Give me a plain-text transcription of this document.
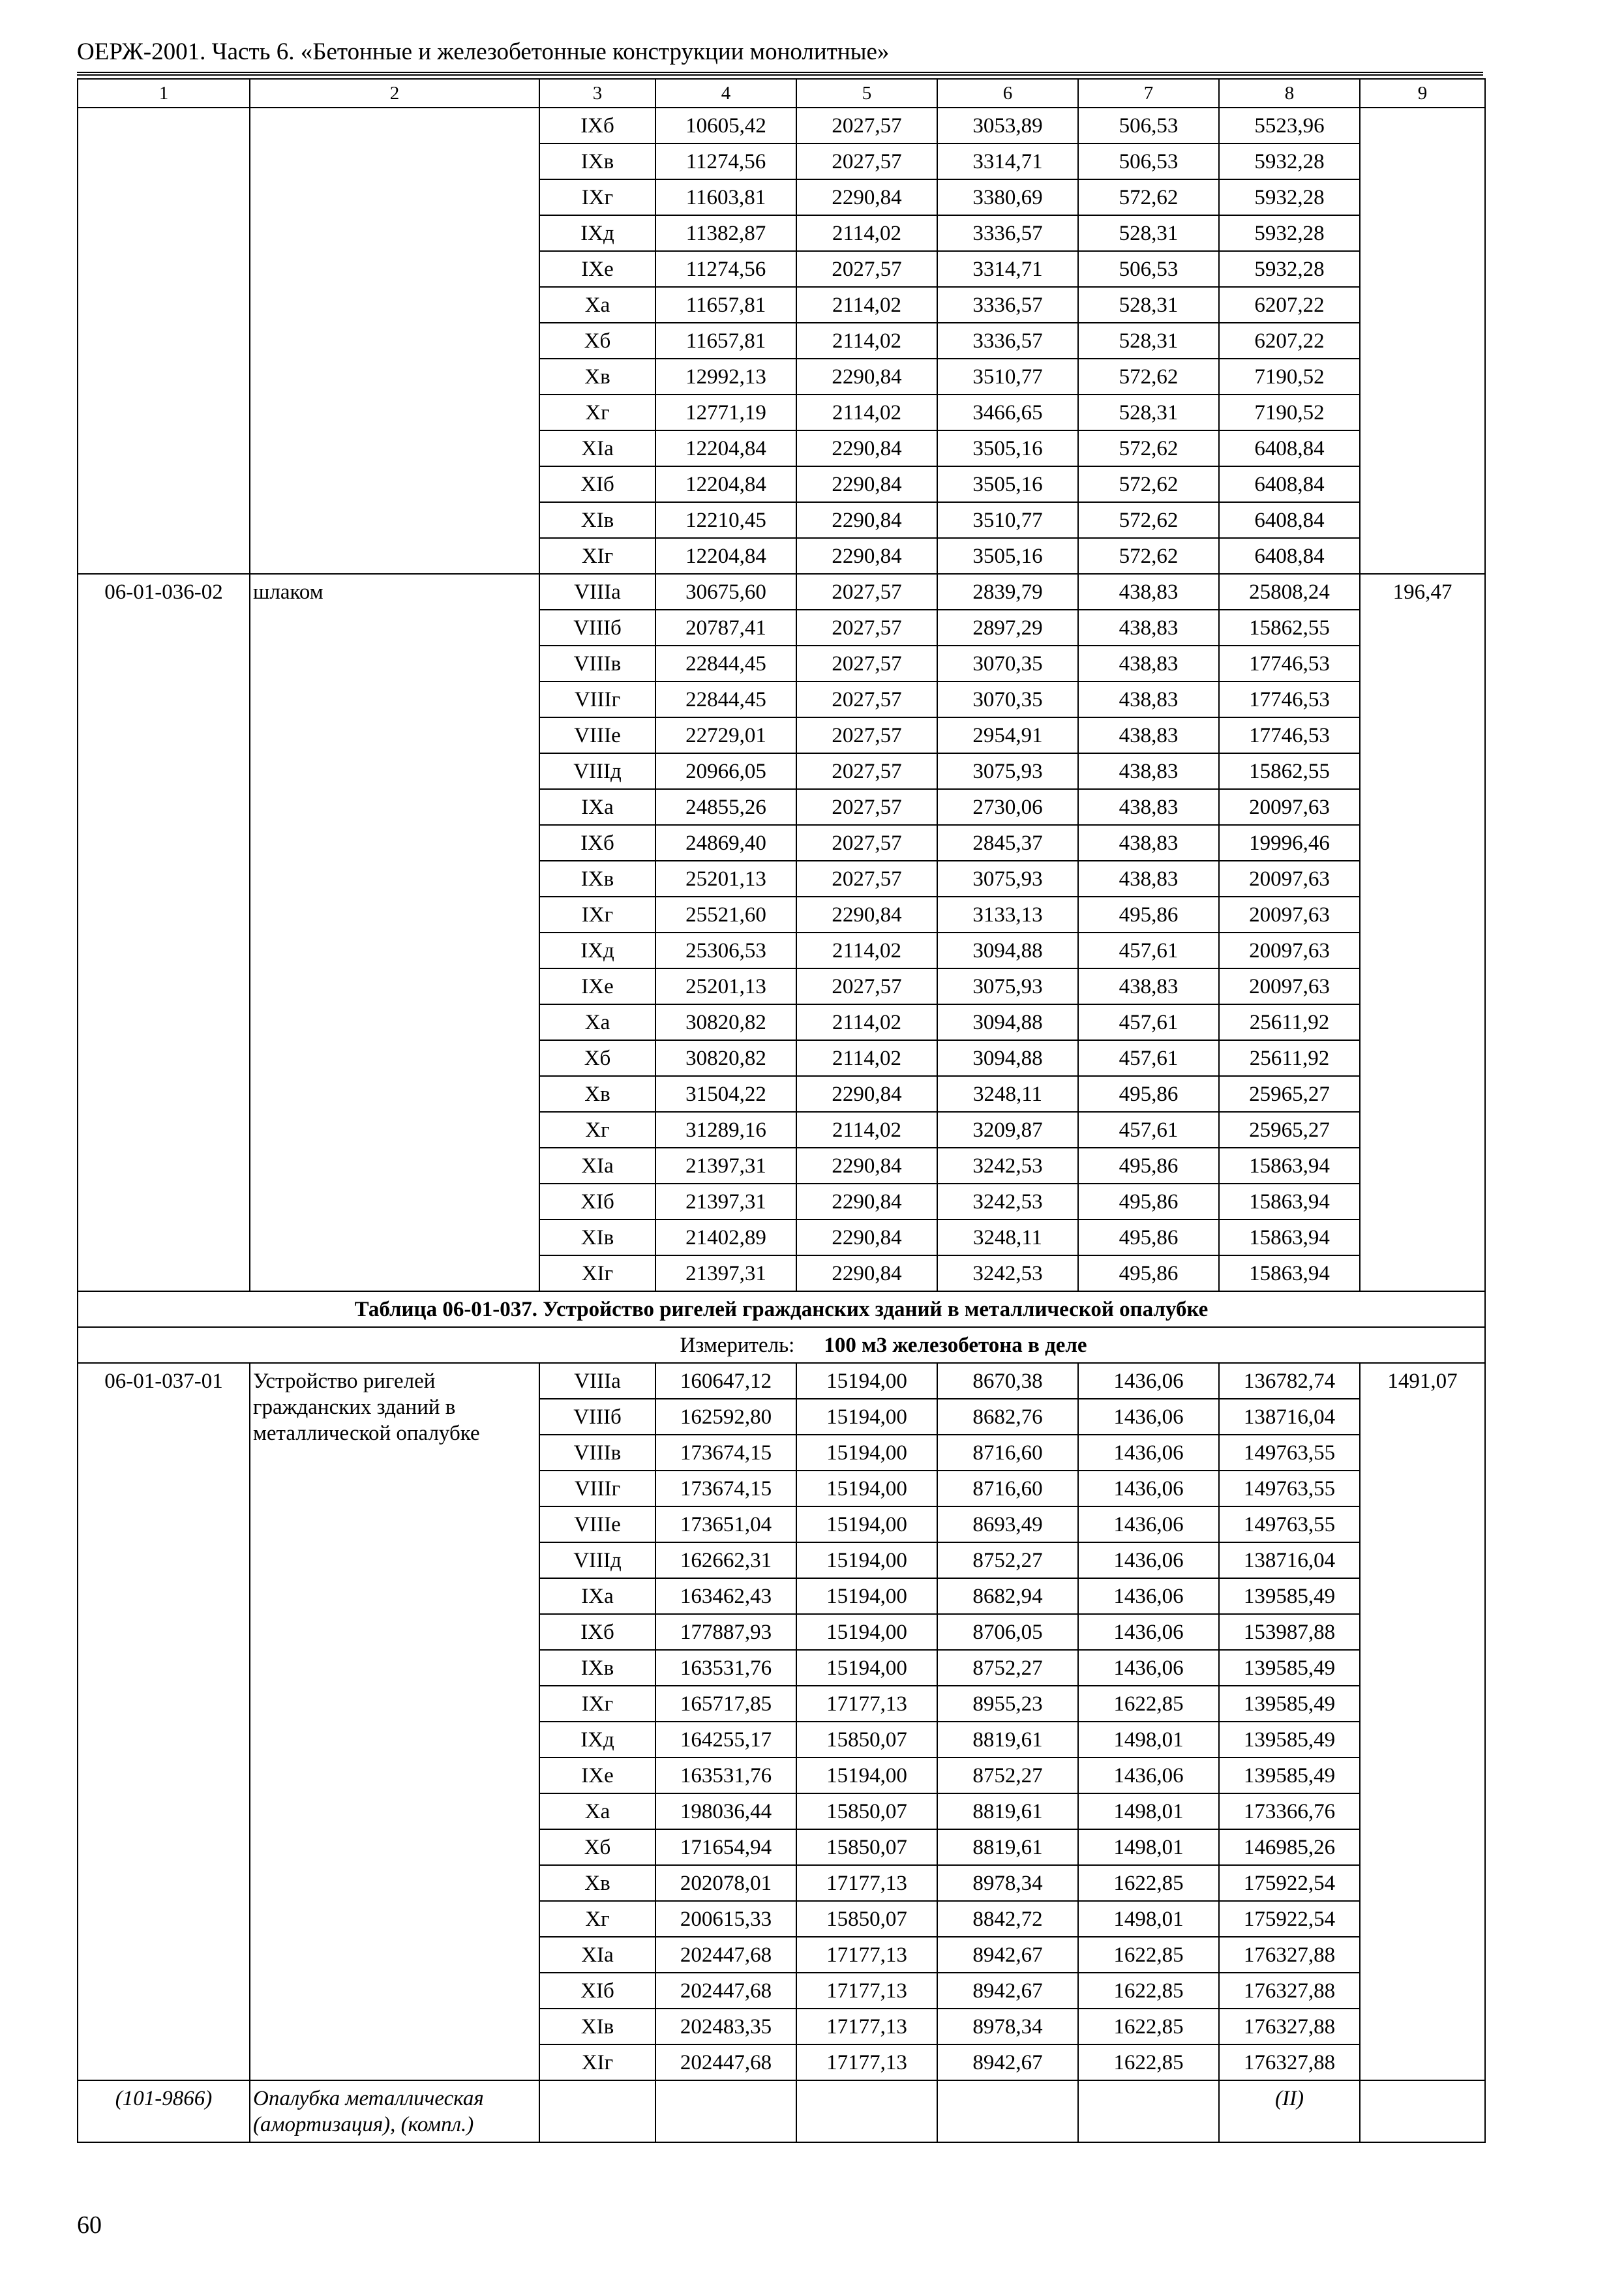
ОЕРЖ-2001. Часть 6. «Бетонные и железобетонные конструкции монолитные»
1	2	3	4	5	6	7	8	9
		IXб	10605,42	2027,57	3053,89	506,53	5523,96	
		IXв	11274,56	2027,57	3314,71	506,53	5932,28	
		IXг	11603,81	2290,84	3380,69	572,62	5932,28	
		IXд	11382,87	2114,02	3336,57	528,31	5932,28	
		IXе	11274,56	2027,57	3314,71	506,53	5932,28	
		Xа	11657,81	2114,02	3336,57	528,31	6207,22	
		Xб	11657,81	2114,02	3336,57	528,31	6207,22	
		Xв	12992,13	2290,84	3510,77	572,62	7190,52	
		Xг	12771,19	2114,02	3466,65	528,31	7190,52	
		XIа	12204,84	2290,84	3505,16	572,62	6408,84	
		XIб	12204,84	2290,84	3505,16	572,62	6408,84	
		XIв	12210,45	2290,84	3510,77	572,62	6408,84	
		XIг	12204,84	2290,84	3505,16	572,62	6408,84	
06-01-036-02	шлаком	VIIIа	30675,60	2027,57	2839,79	438,83	25808,24	196,47
		VIIIб	20787,41	2027,57	2897,29	438,83	15862,55	
		VIIIв	22844,45	2027,57	3070,35	438,83	17746,53	
		VIIIг	22844,45	2027,57	3070,35	438,83	17746,53	
		VIIIе	22729,01	2027,57	2954,91	438,83	17746,53	
		VIIIд	20966,05	2027,57	3075,93	438,83	15862,55	
		IXа	24855,26	2027,57	2730,06	438,83	20097,63	
		IXб	24869,40	2027,57	2845,37	438,83	19996,46	
		IXв	25201,13	2027,57	3075,93	438,83	20097,63	
		IXг	25521,60	2290,84	3133,13	495,86	20097,63	
		IXд	25306,53	2114,02	3094,88	457,61	20097,63	
		IXе	25201,13	2027,57	3075,93	438,83	20097,63	
		Xа	30820,82	2114,02	3094,88	457,61	25611,92	
		Xб	30820,82	2114,02	3094,88	457,61	25611,92	
		Xв	31504,22	2290,84	3248,11	495,86	25965,27	
		Xг	31289,16	2114,02	3209,87	457,61	25965,27	
		XIа	21397,31	2290,84	3242,53	495,86	15863,94	
		XIб	21397,31	2290,84	3242,53	495,86	15863,94	
		XIв	21402,89	2290,84	3248,11	495,86	15863,94	
		XIг	21397,31	2290,84	3242,53	495,86	15863,94	
Таблица 06-01-037. Устройство ригелей гражданских зданий в металлической опалубке								
Измеритель: 100 м3 железобетона в деле								
06-01-037-01	Устройство ригелей гражданских зданий в металлической опалубке	VIIIа	160647,12	15194,00	8670,38	1436,06	136782,74	1491,07
		VIIIб	162592,80	15194,00	8682,76	1436,06	138716,04	
		VIIIв	173674,15	15194,00	8716,60	1436,06	149763,55	
		VIIIг	173674,15	15194,00	8716,60	1436,06	149763,55	
		VIIIе	173651,04	15194,00	8693,49	1436,06	149763,55	
		VIIIд	162662,31	15194,00	8752,27	1436,06	138716,04	
		IXа	163462,43	15194,00	8682,94	1436,06	139585,49	
		IXб	177887,93	15194,00	8706,05	1436,06	153987,88	
		IXв	163531,76	15194,00	8752,27	1436,06	139585,49	
		IXг	165717,85	17177,13	8955,23	1622,85	139585,49	
		IXд	164255,17	15850,07	8819,61	1498,01	139585,49	
		IXе	163531,76	15194,00	8752,27	1436,06	139585,49	
		Xа	198036,44	15850,07	8819,61	1498,01	173366,76	
		Xб	171654,94	15850,07	8819,61	1498,01	146985,26	
		Xв	202078,01	17177,13	8978,34	1622,85	175922,54	
		Xг	200615,33	15850,07	8842,72	1498,01	175922,54	
		XIа	202447,68	17177,13	8942,67	1622,85	176327,88	
		XIб	202447,68	17177,13	8942,67	1622,85	176327,88	
		XIв	202483,35	17177,13	8978,34	1622,85	176327,88	
		XIг	202447,68	17177,13	8942,67	1622,85	176327,88	
(101-9866)	Опалубка металлическая (амортизация), (компл.)						(II)	
60
